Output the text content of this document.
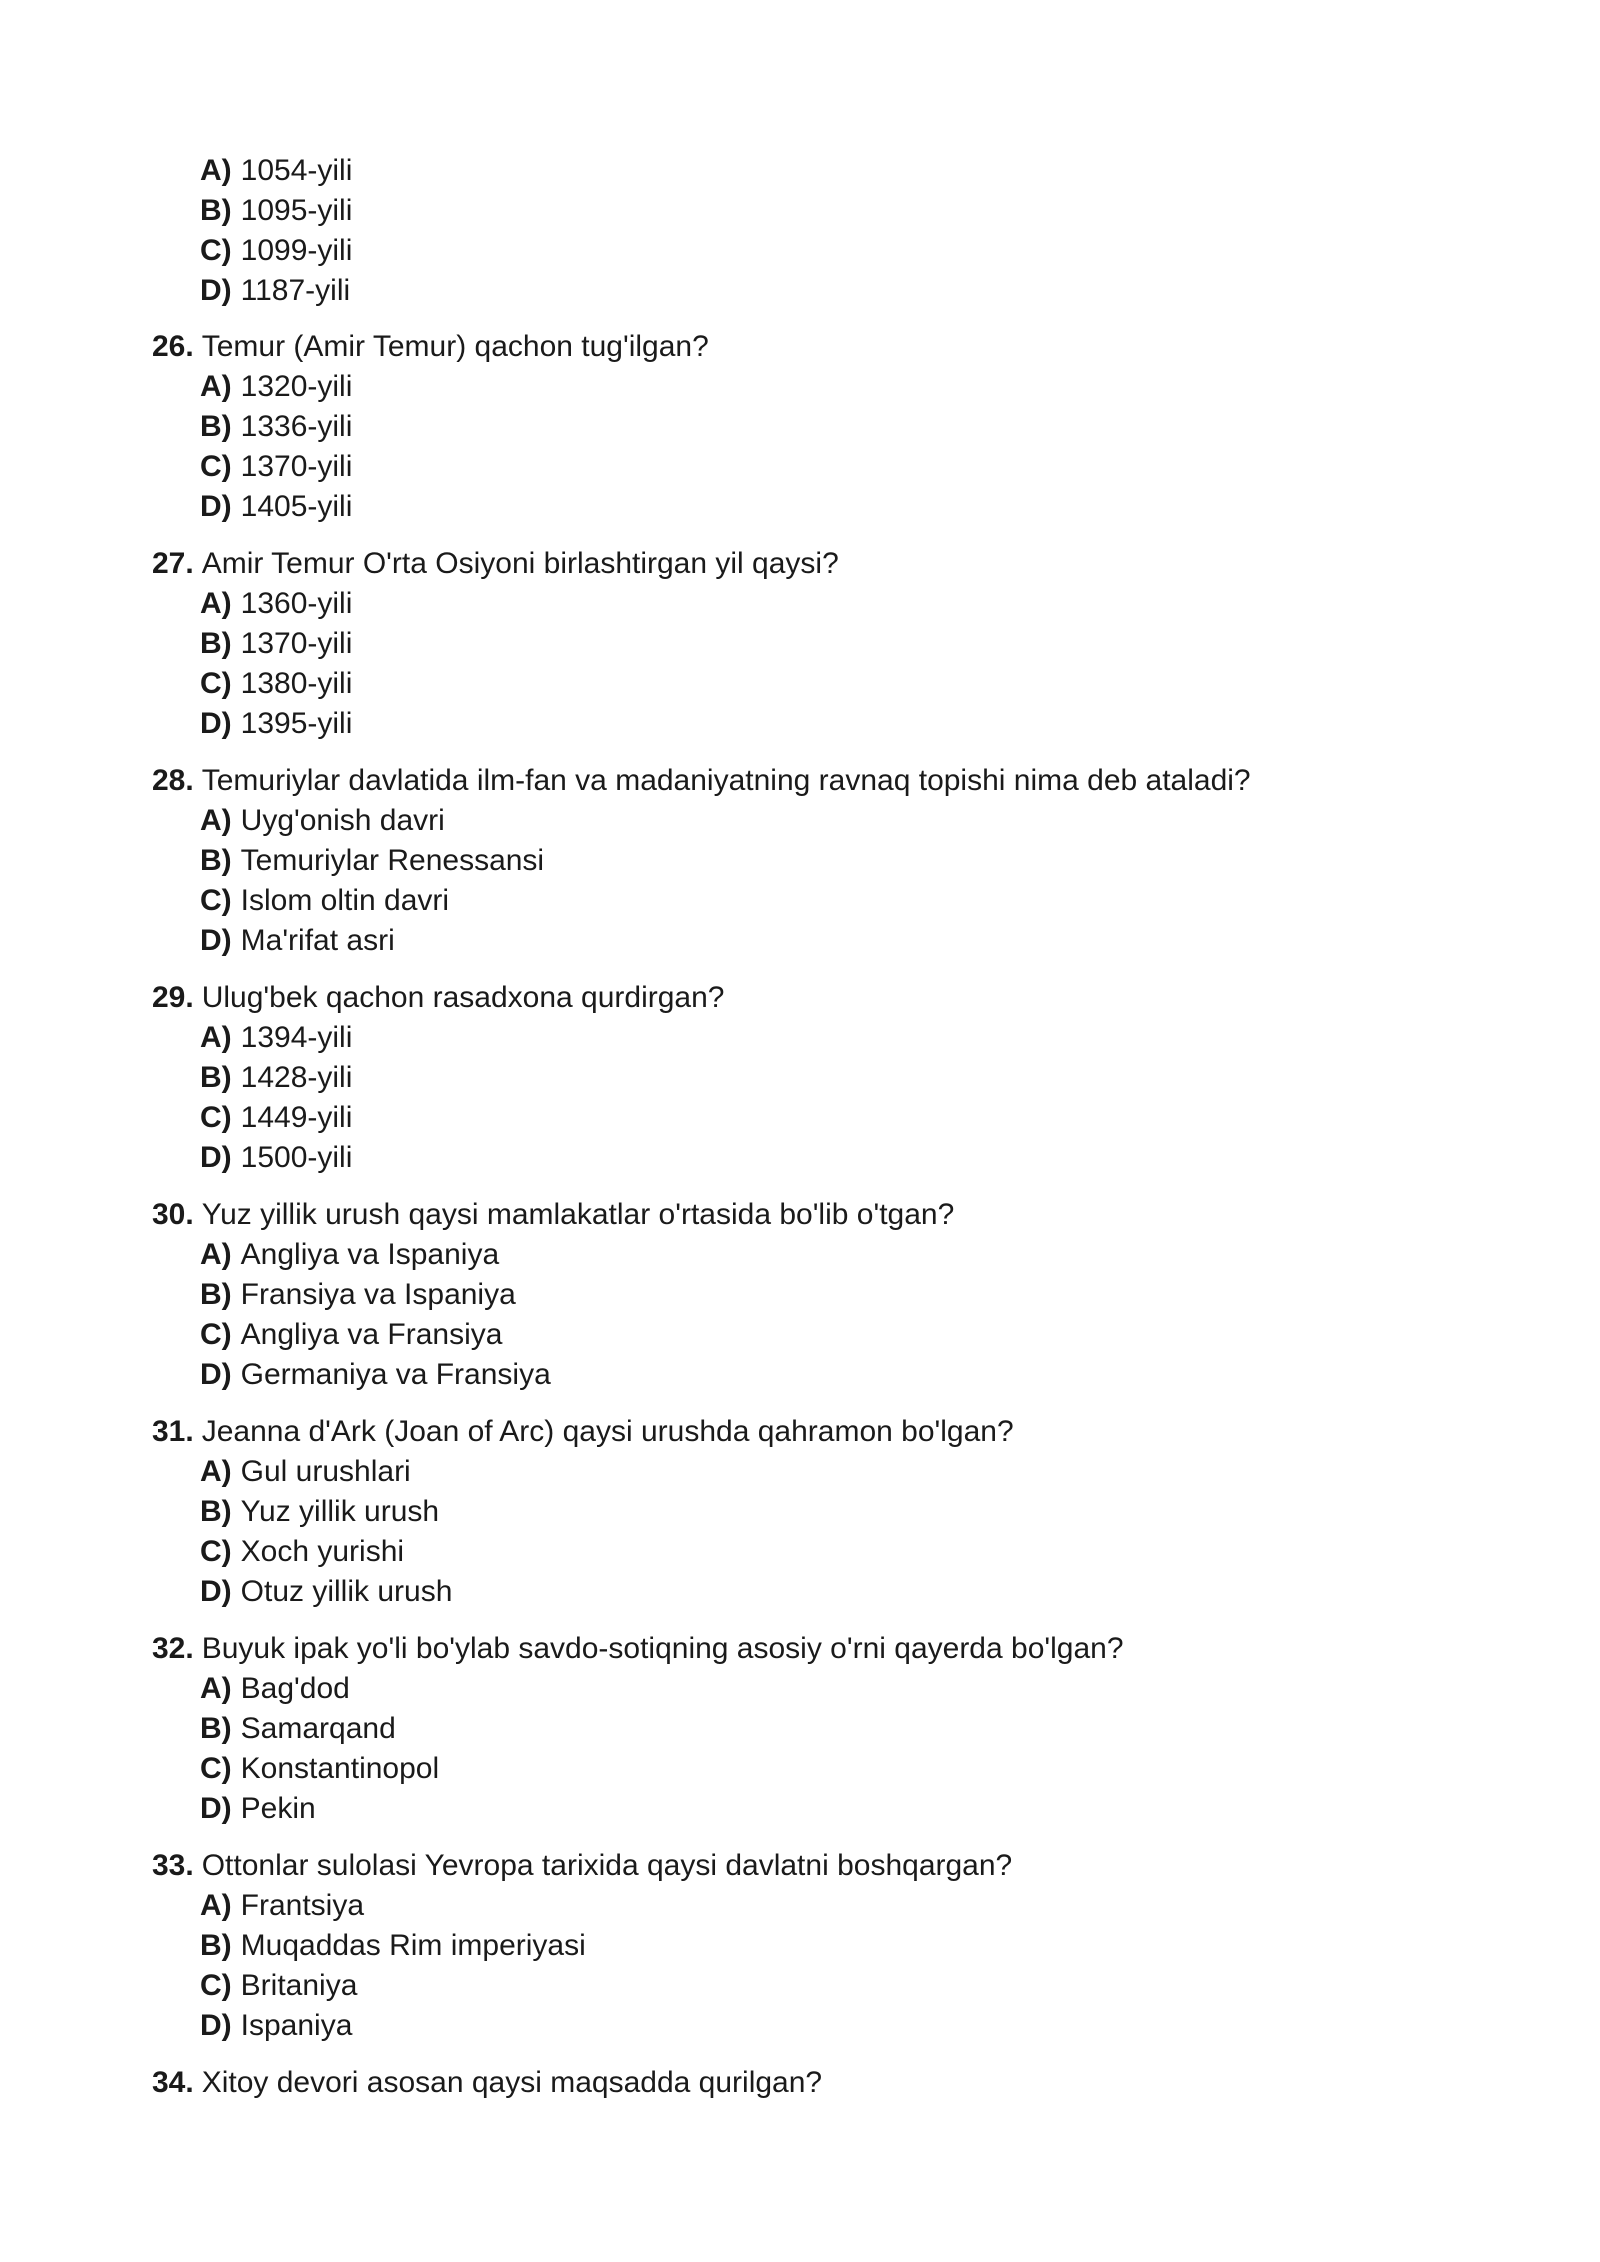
A) 1054-yili
B) 1095-yili
C) 1099-yili
D) 1187-yili
26. Temur (Amir Temur) qachon tug'ilgan?
A) 1320-yili
B) 1336-yili
C) 1370-yili
D) 1405-yili
27. Amir Temur O'rta Osiyoni birlashtirgan yil qaysi?
A) 1360-yili
B) 1370-yili
C) 1380-yili
D) 1395-yili
28. Temuriylar davlatida ilm-fan va madaniyatning ravnaq topishi nima deb ataladi?
A) Uyg'onish davri
B) Temuriylar Renessansi
C) Islom oltin davri
D) Ma'rifat asri
29. Ulug'bek qachon rasadxona qurdirgan?
A) 1394-yili
B) 1428-yili
C) 1449-yili
D) 1500-yili
30. Yuz yillik urush qaysi mamlakatlar o'rtasida bo'lib o'tgan?
A) Angliya va Ispaniya
B) Fransiya va Ispaniya
C) Angliya va Fransiya
D) Germaniya va Fransiya
31. Jeanna d'Ark (Joan of Arc) qaysi urushda qahramon bo'lgan?
A) Gul urushlari
B) Yuz yillik urush
C) Xoch yurishi
D) Otuz yillik urush
32. Buyuk ipak yo'li bo'ylab savdo-sotiqning asosiy o'rni qayerda bo'lgan?
A) Bag'dod
B) Samarqand
C) Konstantinopol
D) Pekin
33. Ottonlar sulolasi Yevropa tarixida qaysi davlatni boshqargan?
A) Frantsiya
B) Muqaddas Rim imperiyasi
C) Britaniya
D) Ispaniya
34. Xitoy devori asosan qaysi maqsadda qurilgan?
